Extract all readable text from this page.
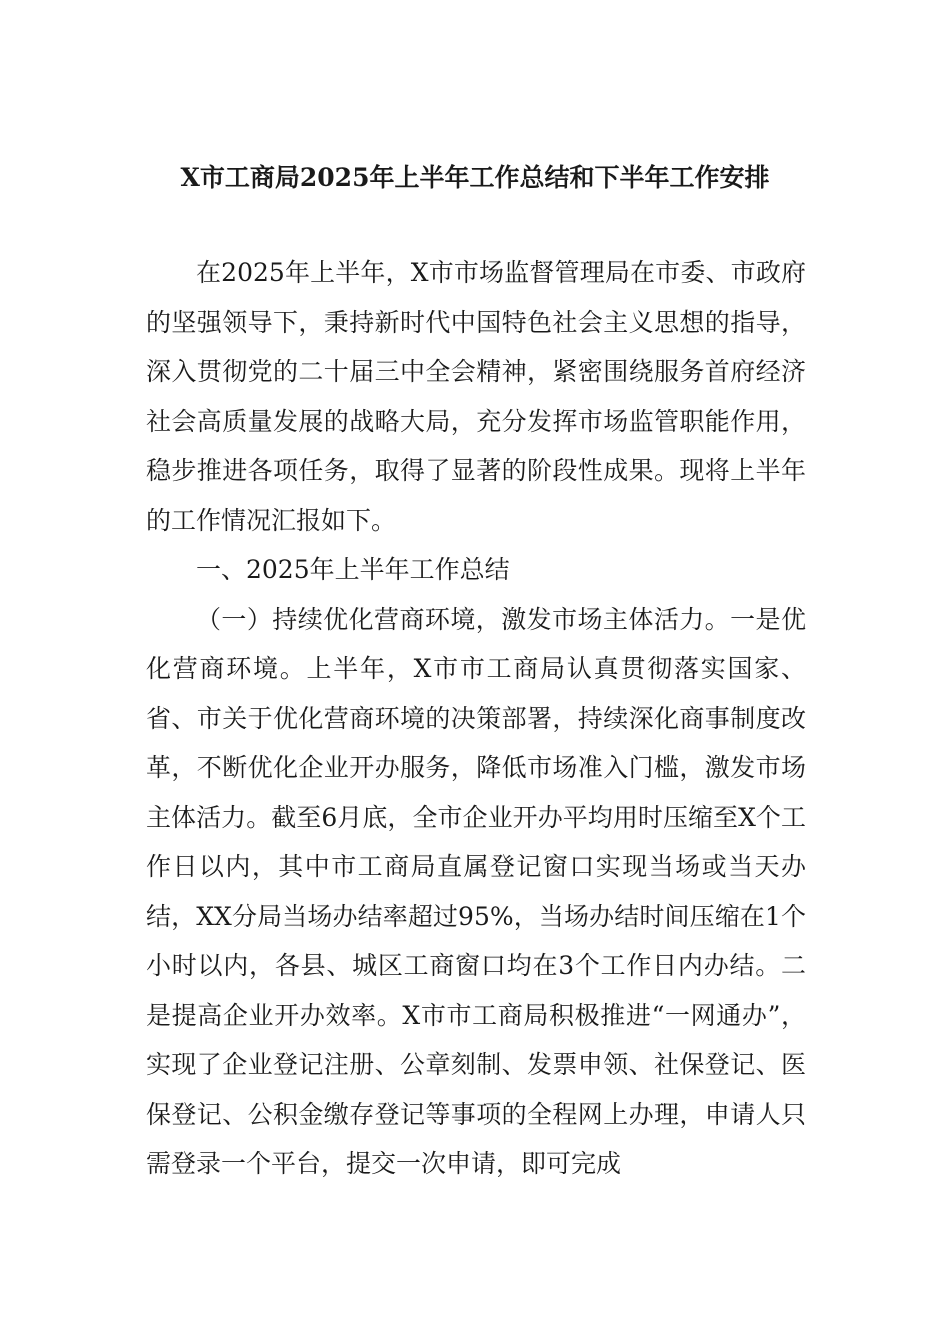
X市工商局2025年上半年工作总结和下半年工作安排

在2025年上半年，X市市场监督管理局在市委、市政府的坚强领导下，秉持新时代中国特色社会主义思想的指导，深入贯彻党的二十届三中全会精神，紧密围绕服务首府经济社会高质量发展的战略大局，充分发挥市场监管职能作用，稳步推进各项任务，取得了显著的阶段性成果。现将上半年的工作情况汇报如下。

一、2025年上半年工作总结

（一）持续优化营商环境，激发市场主体活力。一是优化营商环境。上半年，X市市工商局认真贯彻落实国家、省、市关于优化营商环境的决策部署，持续深化商事制度改革，不断优化企业开办服务，降低市场准入门槛，激发市场主体活力。截至6月底，全市企业开办平均用时压缩至X个工作日以内，其中市工商局直属登记窗口实现当场或当天办结，XX分局当场办结率超过95%，当场办结时间压缩在1个小时以内，各县、城区工商窗口均在3个工作日内办结。二是提高企业开办效率。X市市工商局积极推进“一网通办”，实现了企业登记注册、公章刻制、发票申领、社保登记、医保登记、公积金缴存登记等事项的全程网上办理，申请人只需登录一个平台，提交一次申请，即可完成
